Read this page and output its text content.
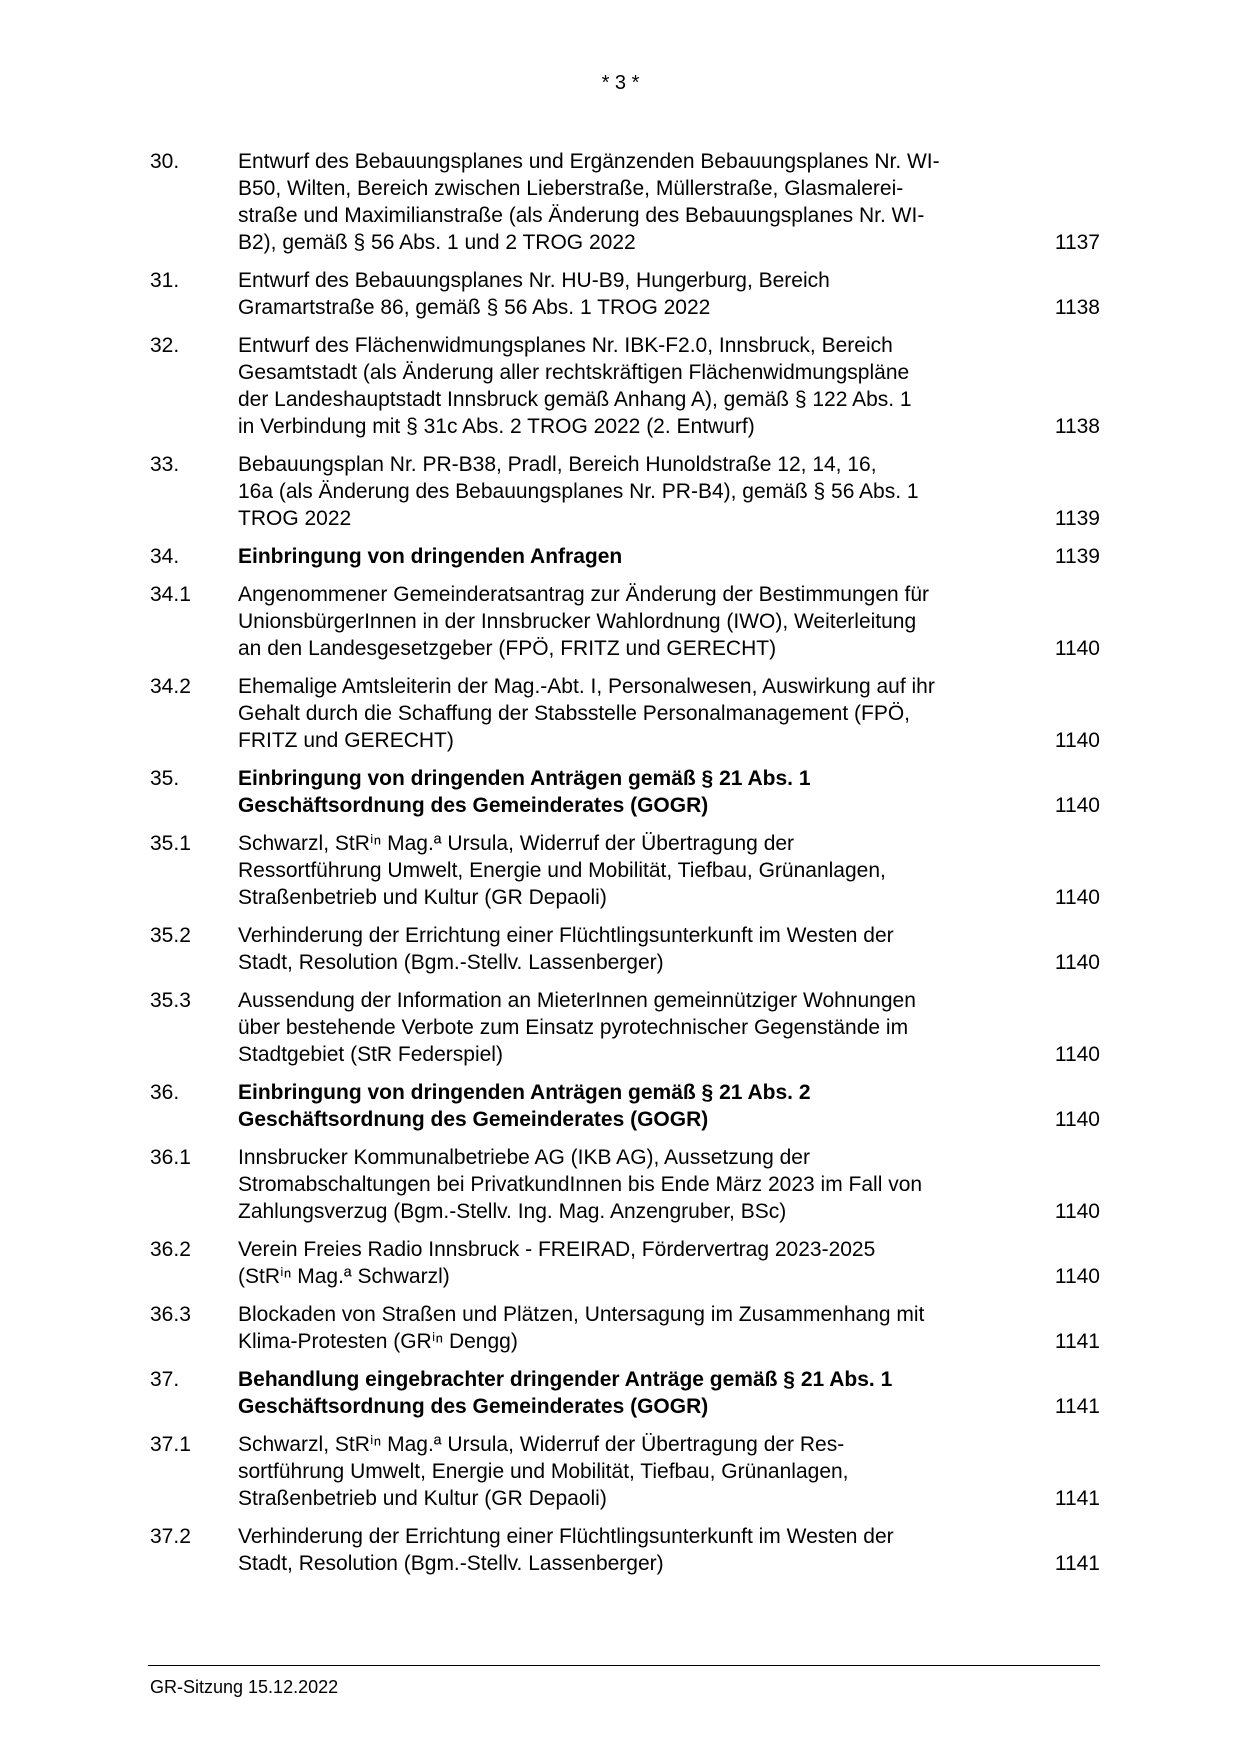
* 3 *
30.	Entwurf des Bebauungsplanes und Ergänzenden Bebauungsplanes Nr. WI-
B50, Wilten, Bereich zwischen Lieberstraße, Müllerstraße, Glasmalerei-
straße und Maximilianstraße (als Änderung des Bebauungsplanes Nr. WI-
B2), gemäß § 56 Abs. 1 und 2 TROG 2022	1137
31.	Entwurf des Bebauungsplanes Nr. HU-B9, Hungerburg, Bereich
Gramartstraße 86, gemäß § 56 Abs. 1 TROG 2022	1138
32.	Entwurf des Flächenwidmungsplanes Nr. IBK-F2.0, Innsbruck, Bereich
Gesamtstadt (als Änderung aller rechtskräftigen Flächenwidmungspläne
der Landeshauptstadt Innsbruck gemäß Anhang A), gemäß § 122 Abs. 1
in Verbindung mit § 31c Abs. 2 TROG 2022 (2. Entwurf)	1138
33.	Bebauungsplan Nr. PR-B38, Pradl, Bereich Hunoldstraße 12, 14, 16,
16a (als Änderung des Bebauungsplanes Nr. PR-B4), gemäß § 56 Abs. 1
TROG 2022	1139
34.	Einbringung von dringenden Anfragen	1139
34.1	Angenommener Gemeinderatsantrag zur Änderung der Bestimmungen für
UnionsbürgerInnen in der Innsbrucker Wahlordnung (IWO), Weiterleitung
an den Landesgesetzgeber (FPÖ, FRITZ und GERECHT)	1140
34.2	Ehemalige Amtsleiterin der Mag.-Abt. I, Personalwesen, Auswirkung auf ihr
Gehalt durch die Schaffung der Stabsstelle Personalmanagement (FPÖ,
FRITZ und GERECHT)	1140
35.	Einbringung von dringenden Anträgen gemäß § 21 Abs. 1
Geschäftsordnung des Gemeinderates (GOGR)	1140
35.1	Schwarzl, StRⁱⁿ Mag.ª Ursula, Widerruf der Übertragung der
Ressortführung Umwelt, Energie und Mobilität, Tiefbau, Grünanlagen,
Straßenbetrieb und Kultur (GR Depaoli)	1140
35.2	Verhinderung der Errichtung einer Flüchtlingsunterkunft im Westen der
Stadt, Resolution (Bgm.-Stellv. Lassenberger)	1140
35.3	Aussendung der Information an MieterInnen gemeinnütziger Wohnungen
über bestehende Verbote zum Einsatz pyrotechnischer Gegenstände im
Stadtgebiet (StR Federspiel)	1140
36.	Einbringung von dringenden Anträgen gemäß § 21 Abs. 2
Geschäftsordnung des Gemeinderates (GOGR)	1140
36.1	Innsbrucker Kommunalbetriebe AG (IKB AG), Aussetzung der
Stromabschaltungen bei PrivatkundInnen bis Ende März 2023 im Fall von
Zahlungsverzug (Bgm.-Stellv. Ing. Mag. Anzengruber, BSc)	1140
36.2	Verein Freies Radio Innsbruck - FREIRAD, Fördervertrag 2023-2025
(StRⁱⁿ Mag.ª Schwarzl)	1140
36.3	Blockaden von Straßen und Plätzen, Untersagung im Zusammenhang mit
Klima-Protesten (GRⁱⁿ Dengg)	1141
37.	Behandlung eingebrachter dringender Anträge gemäß § 21 Abs. 1
Geschäftsordnung des Gemeinderates (GOGR)	1141
37.1	Schwarzl, StRⁱⁿ Mag.ª Ursula, Widerruf der Übertragung der Res-
sortführung Umwelt, Energie und Mobilität, Tiefbau, Grünanlagen,
Straßenbetrieb und Kultur (GR Depaoli)	1141
37.2	Verhinderung der Errichtung einer Flüchtlingsunterkunft im Westen der
Stadt, Resolution (Bgm.-Stellv. Lassenberger)	1141
GR-Sitzung 15.12.2022
